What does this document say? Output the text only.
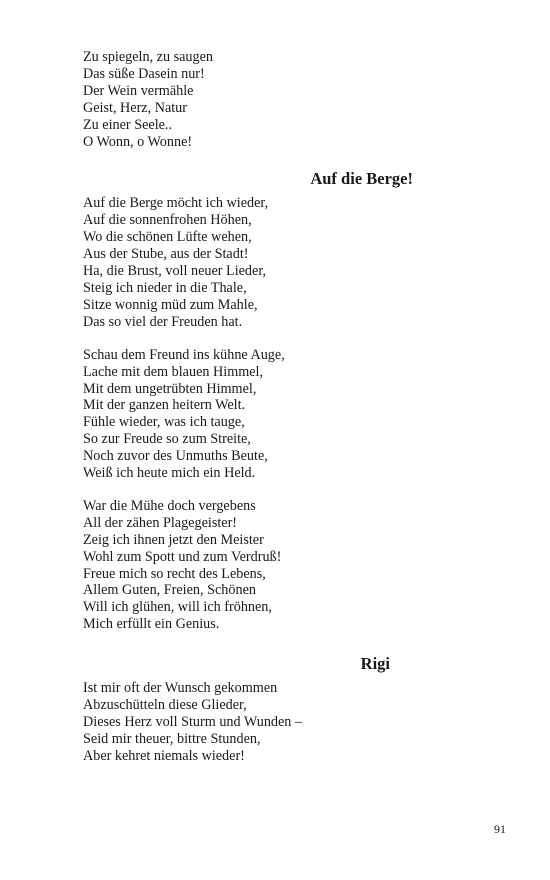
Zu spiegeln, zu saugen
Das süße Dasein nur!
Der Wein vermähle
Geist, Herz, Natur
Zu einer Seele..
O Wonn, o Wonne!
Auf die Berge!
Auf die Berge möcht ich wieder,
Auf die sonnenfrohen Höhen,
Wo die schönen Lüfte wehen,
Aus der Stube, aus der Stadt!
Ha, die Brust, voll neuer Lieder,
Steig ich nieder in die Thale,
Sitze wonnig müd zum Mahle,
Das so viel der Freuden hat.
Schau dem Freund ins kühne Auge,
Lache mit dem blauen Himmel,
Mit dem ungetrübten Himmel,
Mit der ganzen heitern Welt.
Fühle wieder, was ich tauge,
So zur Freude so zum Streite,
Noch zuvor des Unmuths Beute,
Weiß ich heute mich ein Held.
War die Mühe doch vergebens
All der zähen Plagegeister!
Zeig ich ihnen jetzt den Meister
Wohl zum Spott und zum Verdruß!
Freue mich so recht des Lebens,
Allem Guten, Freien, Schönen
Will ich glühen, will ich fröhnen,
Mich erfüllt ein Genius.
Rigi
Ist mir oft der Wunsch gekommen
Abzuschütteln diese Glieder,
Dieses Herz voll Sturm und Wunden –
Seid mir theuer, bittre Stunden,
Aber kehret niemals wieder!
91
